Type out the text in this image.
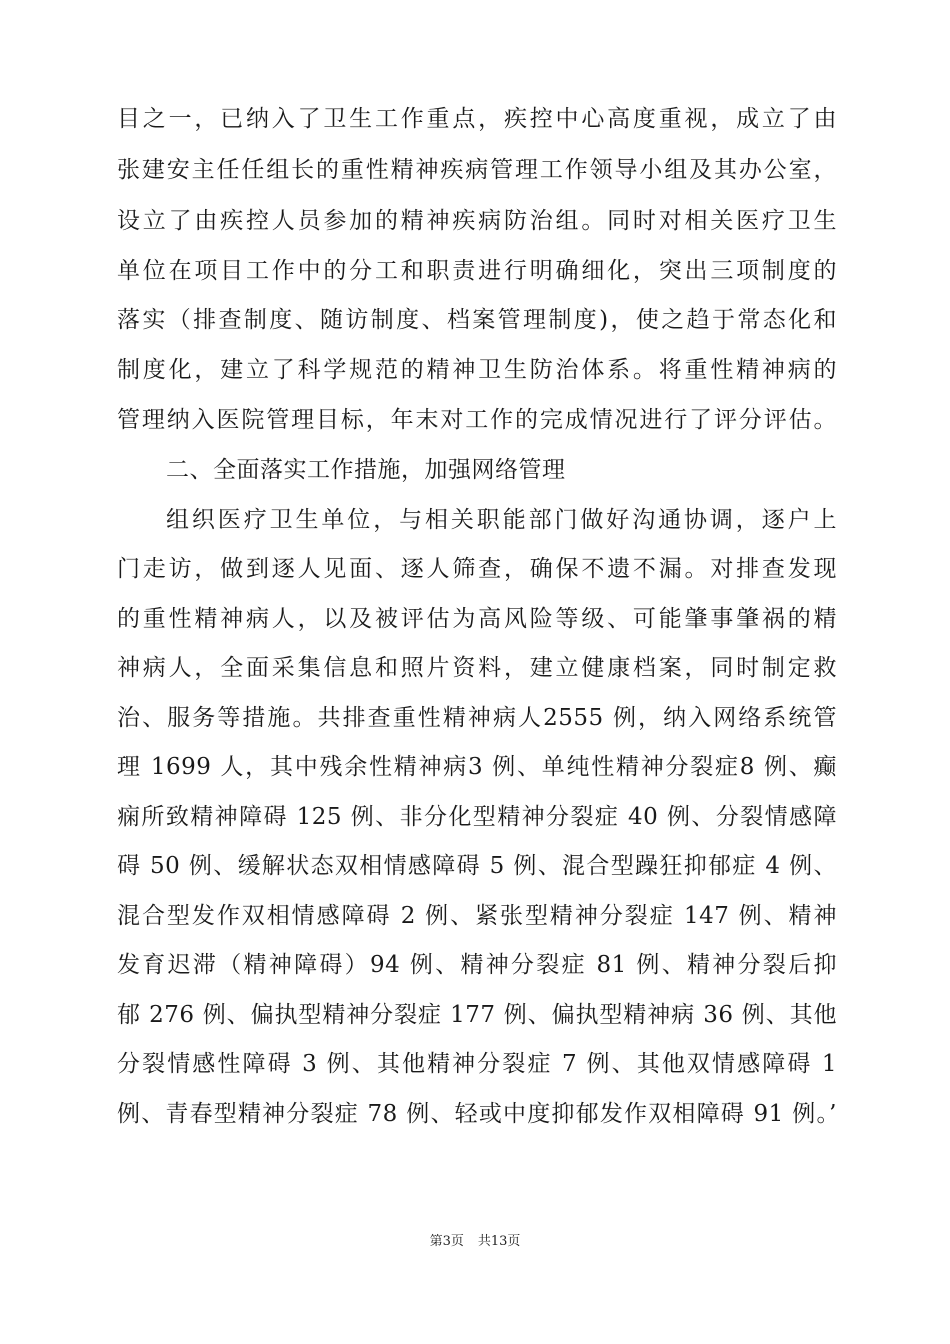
目之一，已纳入了卫生工作重点，疾控中心高度重视，成立了由
张建安主任任组长的重性精神疾病管理工作领导小组及其办公室，
设立了由疾控人员参加的精神疾病防治组。同时对相关医疗卫生
单位在项目工作中的分工和职责进行明确细化，突出三项制度的
落实（排查制度、随访制度、档案管理制度)，使之趋于常态化和
制度化，建立了科学规范的精神卫生防治体系。将重性精神病的
管理纳入医院管理目标，年末对工作的完成情况进行了评分评估。
二、全面落实工作措施，加强网络管理
组织医疗卫生单位，与相关职能部门做好沟通协调，逐户上
门走访，做到逐人见面、逐人筛查，确保不遗不漏。对排查发现
的重性精神病人，以及被评估为高风险等级、可能肇事肇祸的精
神病人，全面采集信息和照片资料，建立健康档案，同时制定救
治、服务等措施。共排查重性精神病人2555 例，纳入网络系统管
理 1699 人，其中残余性精神病3 例、单纯性精神分裂症8 例、癫
痫所致精神障碍 125 例、非分化型精神分裂症 40 例、分裂情感障
碍 50 例、缓解状态双相情感障碍 5 例、混合型躁狂抑郁症 4 例、
混合型发作双相情感障碍 2 例、紧张型精神分裂症 147 例、精神
发育迟滞（精神障碍）94 例、精神分裂症 81 例、精神分裂后抑
郁 276 例、偏执型精神分裂症 177 例、偏执型精神病 36 例、其他
分裂情感性障碍 3 例、其他精神分裂症 7 例、其他双情感障碍 1
例、青春型精神分裂症 78 例、轻或中度抑郁发作双相障碍 91 例。’
第3页 共13页
